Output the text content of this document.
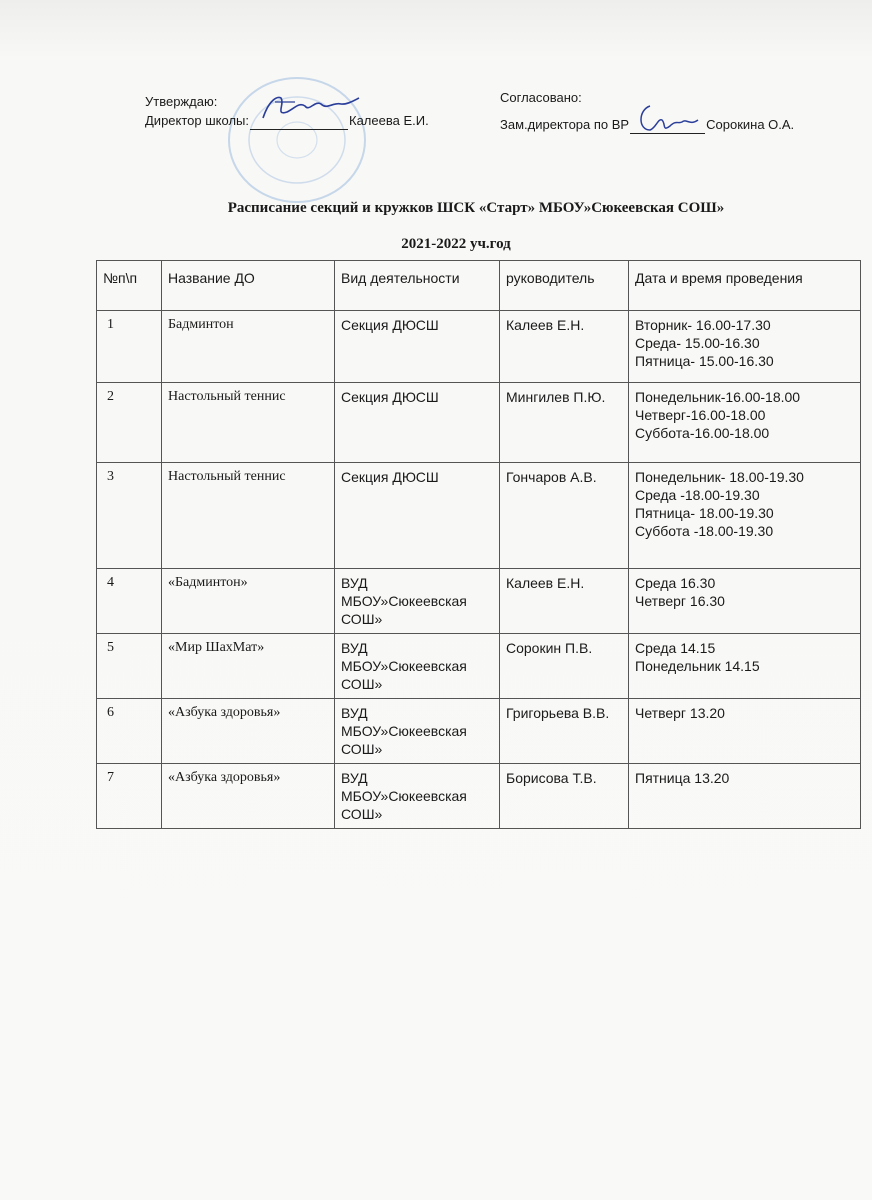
Утверждаю:
Директор школы:	Калеева Е.И.
Согласовано:
Зам.директора по ВР	Сорокина О.А.
Расписание секций и кружков ШСК «Старт» МБОУ»Сюкеевская СОШ»
2021-2022 уч.год
№п\п	Название ДО	Вид деятельности	руководитель	Дата и время проведения
1	Бадминтон	Секция ДЮСШ	Калеев Е.Н.	Вторник- 16.00-17.30
Среда- 15.00-16.30
Пятница- 15.00-16.30

2	Настольный теннис	Секция ДЮСШ	Мингилев П.Ю.	Понедельник-16.00-18.00
Четверг-16.00-18.00
Суббота-16.00-18.00

3	Настольный теннис	Секция ДЮСШ	Гончаров А.В.	Понедельник- 18.00-19.30
Среда -18.00-19.30
Пятница- 18.00-19.30
Суббота -18.00-19.30

4	«Бадминтон»	ВУД МБОУ»Сюкеевская СОШ»	Калеев Е.Н.	Среда 16.30
Четверг 16.30

5	«Мир ШахМат»	ВУД МБОУ»Сюкеевская СОШ»	Сорокин П.В.	Среда 14.15
Понедельник 14.15

6	«Азбука здоровья»	ВУД МБОУ»Сюкеевская СОШ»	Григорьева В.В.	Четверг 13.20

7	«Азбука здоровья»	ВУД МБОУ»Сюкеевская СОШ»	Борисова Т.В.	Пятница 13.20
